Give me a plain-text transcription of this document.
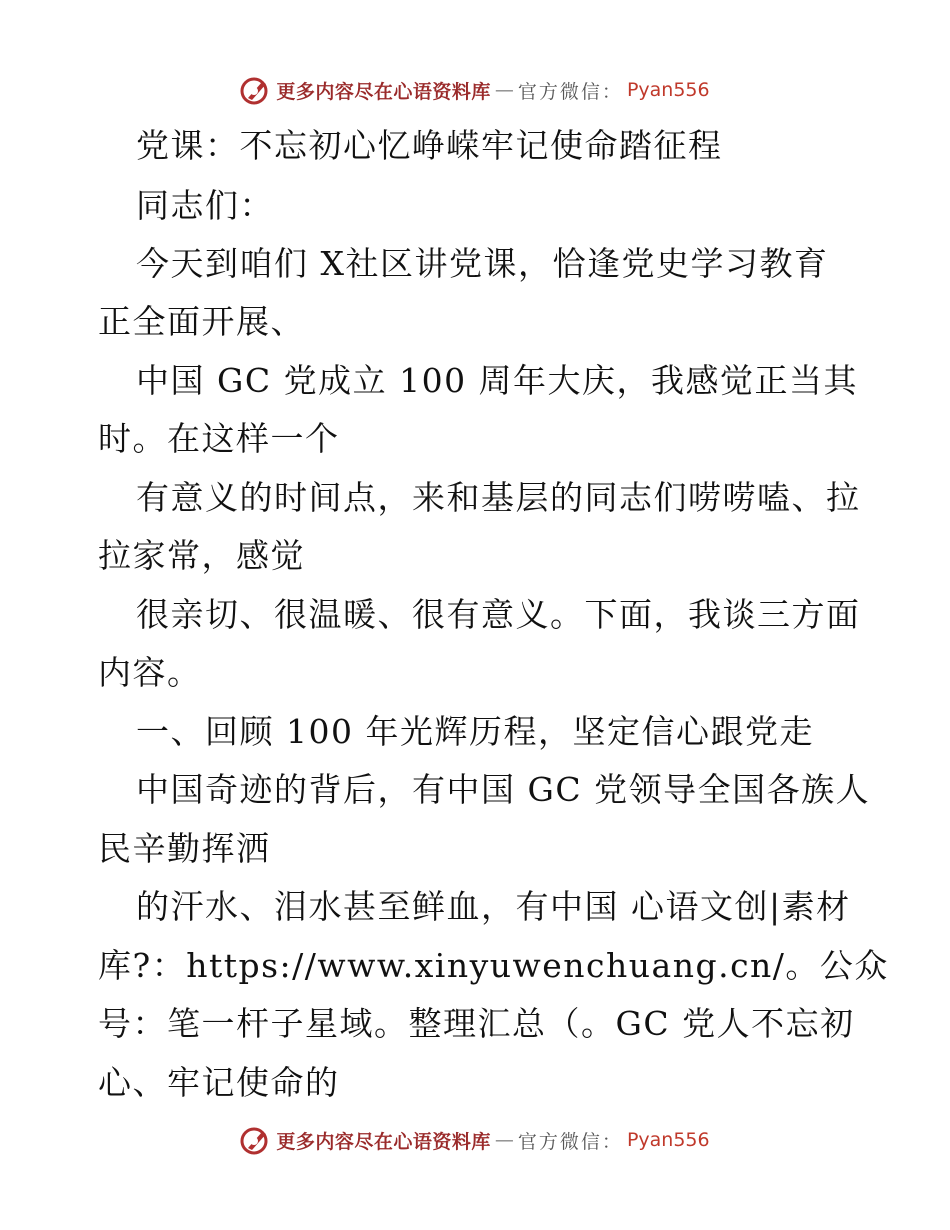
更多内容尽在心语资料库 — 官方微信： Pyan556
党课：不忘初心忆峥嵘牢记使命踏征程
同志们：
今天到咱们 X社区讲党课，恰逢党史学习教育
正全面开展、
中国 GC 党成立 100 周年大庆，我感觉正当其
时。在这样一个
有意义的时间点，来和基层的同志们唠唠嗑、拉
拉家常，感觉
很亲切、很温暖、很有意义。下面，我谈三方面
内容。
一、回顾 100 年光辉历程，坚定信心跟党走
中国奇迹的背后，有中国 GC 党领导全国各族人
民辛勤挥洒
的汗水、泪水甚至鲜血，有中国 心语文创|素材
库?：https://www.xinyuwenchuang.cn/。公众
号：笔一杆子星域。整理汇总（。GC 党人不忘初
心、牢记使命的
更多内容尽在心语资料库 — 官方微信： Pyan556
